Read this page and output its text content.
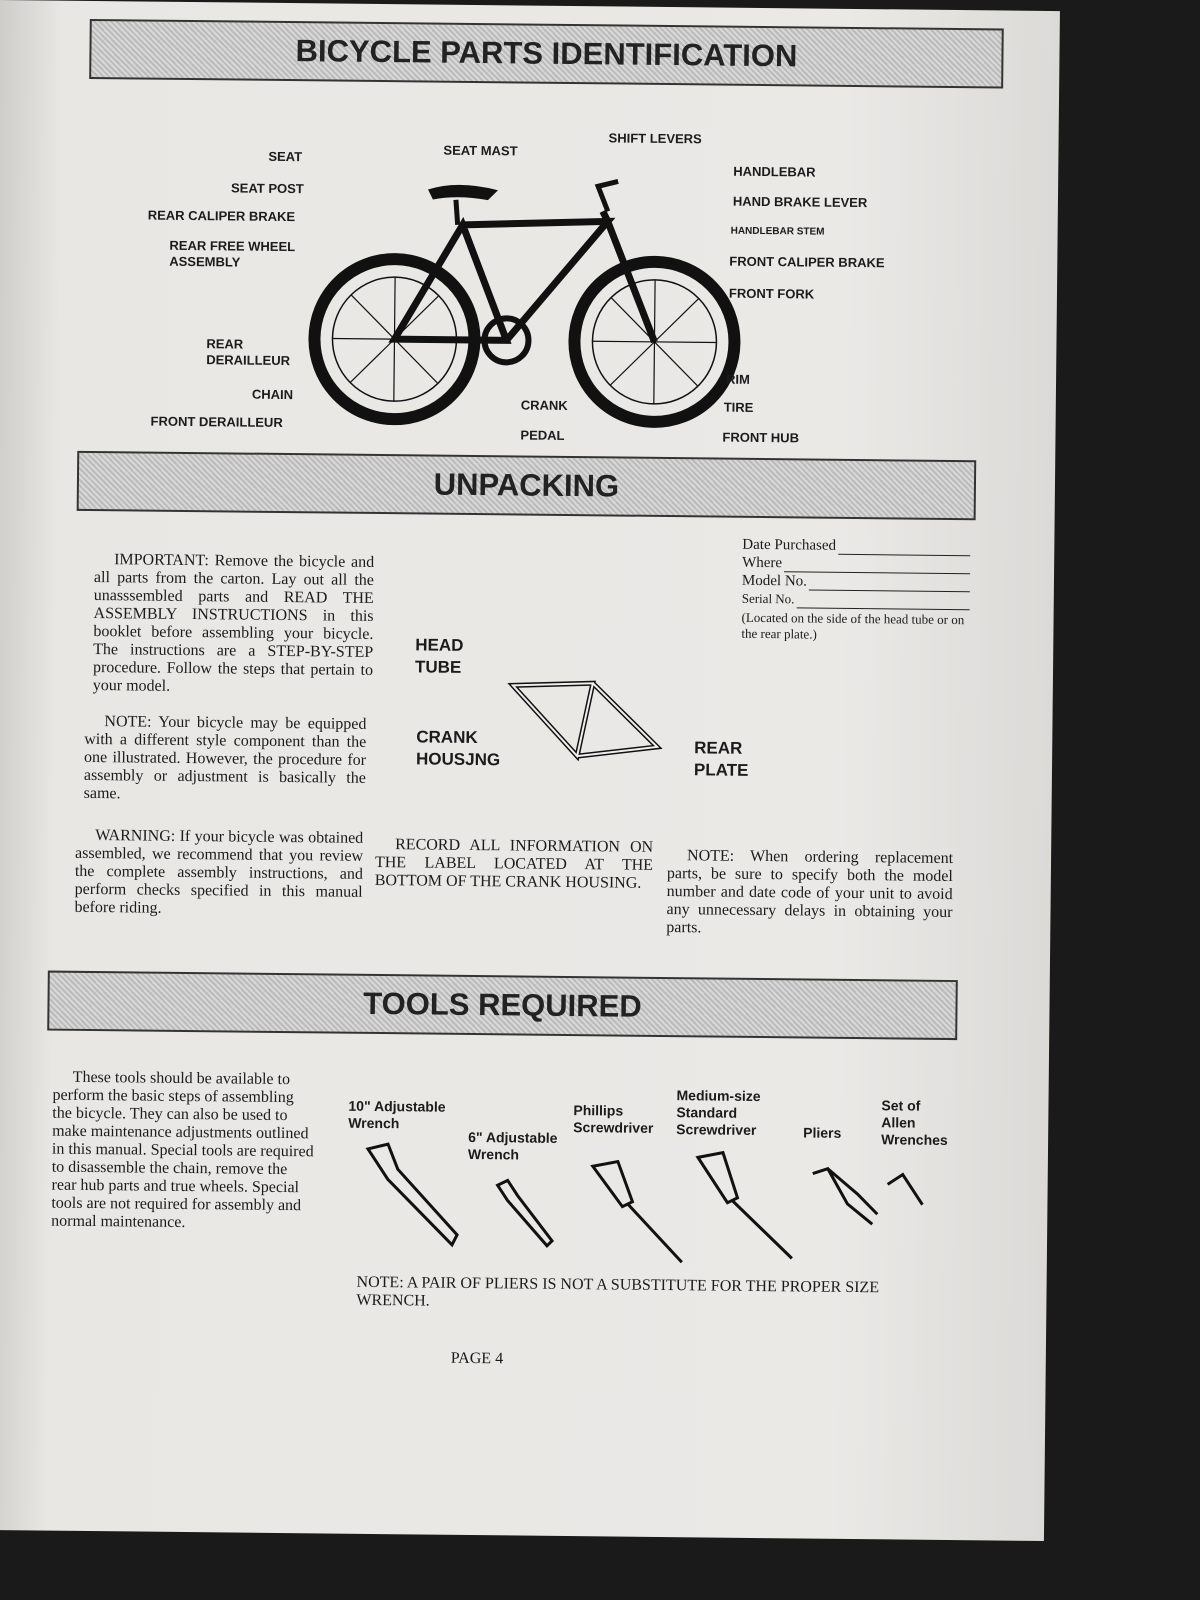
BICYCLE PARTS IDENTIFICATION
SEAT
SEAT POST
REAR CALIPER BRAKE
REAR FREE WHEEL
ASSEMBLY
REAR
DERAILLEUR
CHAIN
FRONT DERAILLEUR
SEAT MAST
CRANK
PEDAL
SHIFT LEVERS
HANDLEBAR
HAND BRAKE LEVER
HANDLEBAR STEM
FRONT CALIPER BRAKE
FRONT FORK
RIM
TIRE
FRONT HUB
UNPACKING
IMPORTANT: Remove the bicycle and all parts from the carton. Lay out all the unasssembled parts and READ THE ASSEMBLY INSTRUCTIONS in this booklet before assembling your bicycle. The instructions are a STEP-BY-STEP procedure. Follow the steps that pertain to your model.
NOTE: Your bicycle may be equipped with a different style component than the one illustrated. However, the procedure for assembly or adjustment is basically the same.
WARNING: If your bicycle was obtained assembled, we recommend that you review the complete assembly instructions, and perform checks specified in this manual before riding.
RECORD ALL INFORMATION ON THE LABEL LOCATED AT THE BOTTOM OF THE CRANK HOUSING.
NOTE: When ordering replacement parts, be sure to specify both the model number and date code of your unit to avoid any unnecessary delays in obtaining your parts.
Date Purchased
Where
Model No.
Serial No.
(Located on the side of the head tube or on the rear plate.)
HEAD
TUBE
CRANK
HOUSJNG
REAR
PLATE
TOOLS REQUIRED
These tools should be available to perform the basic steps of assembling the bicycle. They can also be used to make maintenance adjustments outlined in this manual. Special tools are required to disassemble the chain, remove the rear hub parts and true wheels. Special tools are not required for assembly and normal maintenance.
10" Adjustable
Wrench
6" Adjustable
Wrench
Phillips
Screwdriver
Medium-size
Standard
Screwdriver	Pliers
Set of
Allen
Wrenches
NOTE: A PAIR OF PLIERS IS NOT A SUBSTITUTE FOR THE PROPER SIZE WRENCH.
PAGE 4
